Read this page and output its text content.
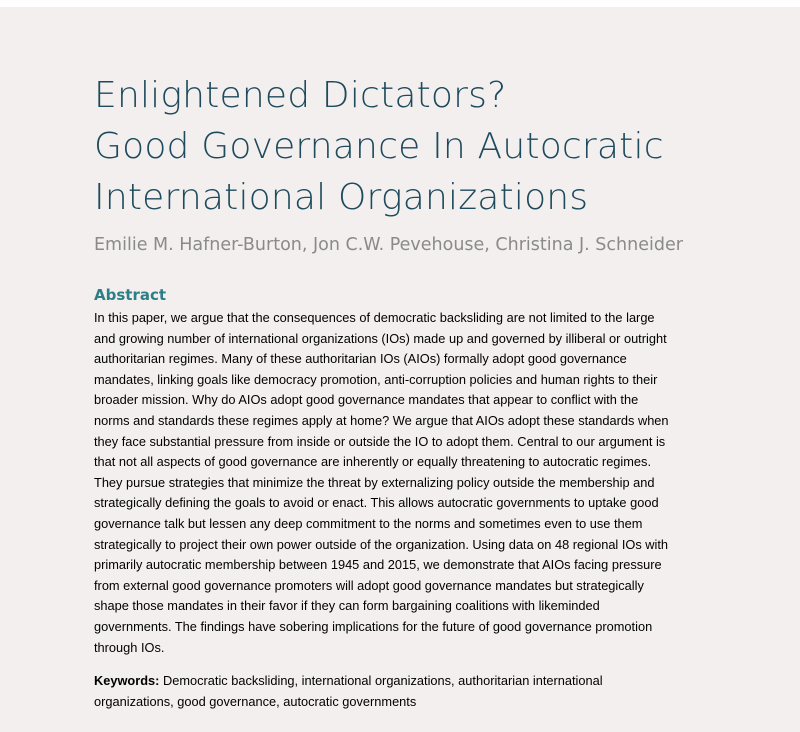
Enlightened Dictators?
Good Governance In Autocratic
International Organizations
Emilie M. Hafner-Burton, Jon C.W. Pevehouse, Christina J. Schneider
Abstract
In this paper, we argue that the consequences of democratic backsliding are not limited to the large
and growing number of international organizations (IOs) made up and governed by illiberal or outright
authoritarian regimes. Many of these authoritarian IOs (AIOs) formally adopt good governance
mandates, linking goals like democracy promotion, anti-corruption policies and human rights to their
broader mission. Why do AIOs adopt good governance mandates that appear to conflict with the
norms and standards these regimes apply at home? We argue that AIOs adopt these standards when
they face substantial pressure from inside or outside the IO to adopt them. Central to our argument is
that not all aspects of good governance are inherently or equally threatening to autocratic regimes.
They pursue strategies that minimize the threat by externalizing policy outside the membership and
strategically defining the goals to avoid or enact. This allows autocratic governments to uptake good
governance talk but lessen any deep commitment to the norms and sometimes even to use them
strategically to project their own power outside of the organization. Using data on 48 regional IOs with
primarily autocratic membership between 1945 and 2015, we demonstrate that AIOs facing pressure
from external good governance promoters will adopt good governance mandates but strategically
shape those mandates in their favor if they can form bargaining coalitions with likeminded
governments. The findings have sobering implications for the future of good governance promotion
through IOs.
Keywords: Democratic backsliding, international organizations, authoritarian international
organizations, good governance, autocratic governments
